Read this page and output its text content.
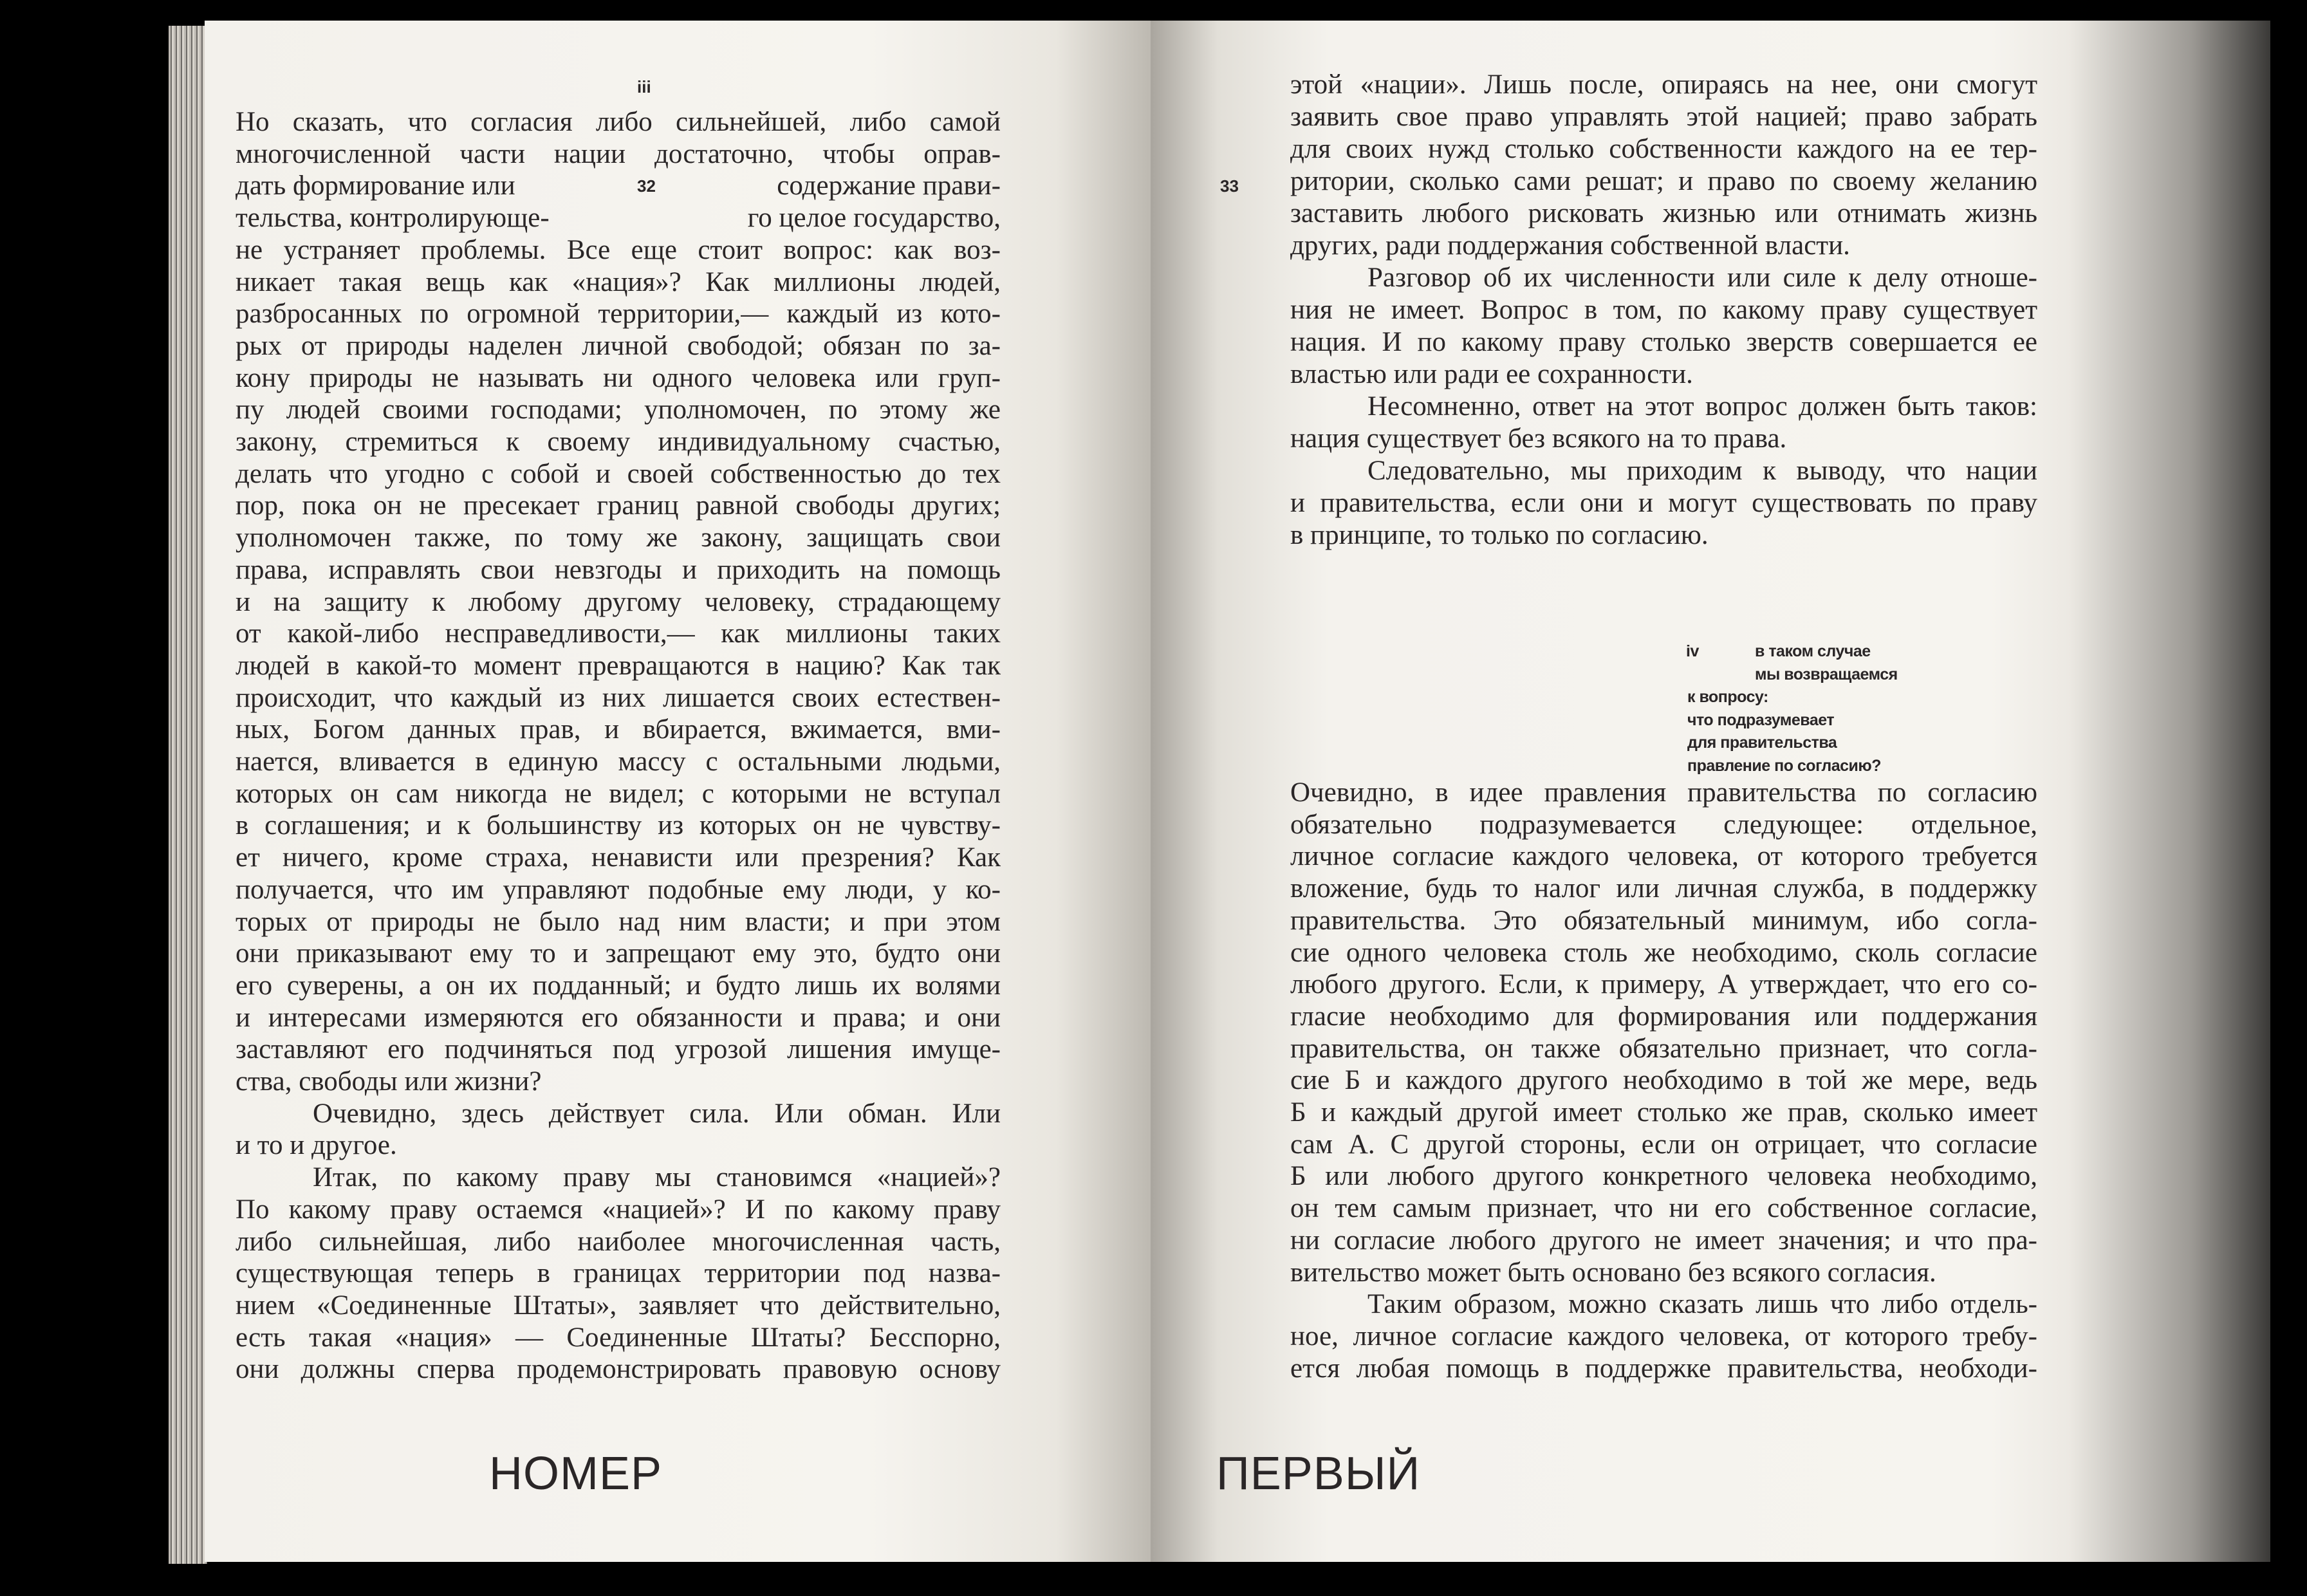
iii
32	33
Но сказать, что согласия либо сильнейшей, либо самой
многочисленной части нации достаточно, чтобы оправ-
дать формирование или	содержание прави-
тельства, контролирующе-	го целое государство,
не устраняет проблемы. Все еще стоит вопрос: как воз-
никает такая вещь как «нация»? Как миллионы людей,
разбросанных по огромной территории,— каждый из кото-
рых от природы наделен личной свободой; обязан по за-
кону природы не называть ни одного человека или груп-
пу людей своими господами; уполномочен, по этому же
закону, стремиться к своему индивидуальному счастью,
делать что угодно с собой и своей собственностью до тех
пор, пока он не пресекает границ равной свободы других;
уполномочен также, по тому же закону, защищать свои
права, исправлять свои невзгоды и приходить на помощь
и на защиту к любому другому человеку, страдающему
от какой-либо несправедливости,— как миллионы таких
людей в какой-то момент превращаются в нацию? Как так
происходит, что каждый из них лишается своих естествен-
ных, Богом данных прав, и вбирается, вжимается, вми-
нается, вливается в единую массу с остальными людьми,
которых он сам никогда не видел; с которыми не вступал
в соглашения; и к большинству из которых он не чувству-
ет ничего, кроме страха, ненависти или презрения? Как
получается, что им управляют подобные ему люди, у ко-
торых от природы не было над ним власти; и при этом
они приказывают ему то и запрещают ему это, будто они
его суверены, а он их подданный; и будто лишь их волями
и интересами измеряются его обязанности и права; и они
заставляют его подчиняться под угрозой лишения имуще-
ства, свободы или жизни?
Очевидно, здесь действует сила. Или обман. Или
и то и другое.
Итак, по какому праву мы становимся «нацией»?
По какому праву остаемся «нацией»? И по какому праву
либо сильнейшая, либо наиболее многочисленная часть,
существующая теперь в границах территории под назва-
нием «Соединенные Штаты», заявляет что действительно,
есть такая «нация» — Соединенные Штаты? Бесспорно,
они должны сперва продемонстрировать правовую основу
этой «нации». Лишь после, опираясь на нее, они смогут
заявить свое право управлять этой нацией; право забрать
для своих нужд столько собственности каждого на ее тер-
ритории, сколько сами решат; и право по своему желанию
заставить любого рисковать жизнью или отнимать жизнь
других, ради поддержания собственной власти.
Разговор об их численности или силе к делу отноше-
ния не имеет. Вопрос в том, по какому праву существует
нация. И по какому праву столько зверств совершается ее
властью или ради ее сохранности.
Несомненно, ответ на этот вопрос должен быть таков:
нация существует без всякого на то права.
Следовательно, мы приходим к выводу, что нации
и правительства, если они и могут существовать по праву
в принципе, то только по согласию.
iv	в таком случае
мы возвращаемся
к вопросу:
что подразумевает
для правительства
правление по согласию?
Очевидно, в идее правления правительства по согласию
обязательно подразумевается следующее: отдельное,
личное согласие каждого человека, от которого требуется
вложение, будь то налог или личная служба, в поддержку
правительства. Это обязательный минимум, ибо согла-
сие одного человека столь же необходимо, сколь согласие
любого другого. Если, к примеру, А утверждает, что его со-
гласие необходимо для формирования или поддержания
правительства, он также обязательно признает, что согла-
сие Б и каждого другого необходимо в той же мере, ведь
Б и каждый другой имеет столько же прав, сколько имеет
сам А. С другой стороны, если он отрицает, что согласие
Б или любого другого конкретного человека необходимо,
он тем самым признает, что ни его собственное согласие,
ни согласие любого другого не имеет значения; и что пра-
вительство может быть основано без всякого согласия.
Таким образом, можно сказать лишь что либо отдель-
ное, личное согласие каждого человека, от которого требу-
ется любая помощь в поддержке правительства, необходи-
НОМЕР	ПЕРВЫЙ
